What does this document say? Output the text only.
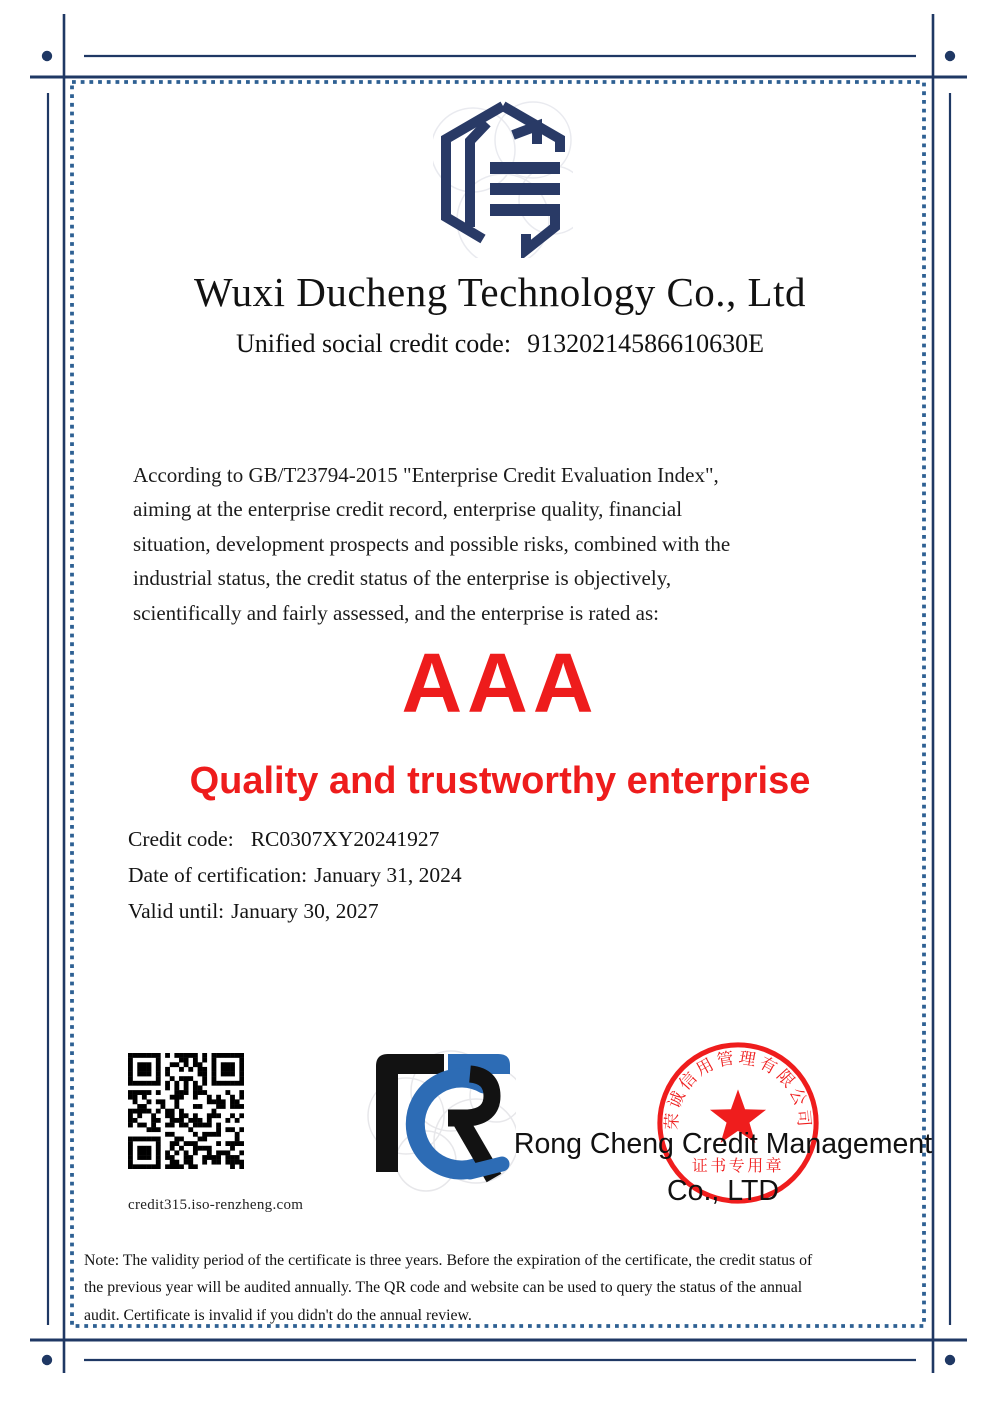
Wuxi Ducheng Technology Co., Ltd
Unified social credit code: 91320214586610630E
According to GB/T23794-2015 "Enterprise Credit Evaluation Index",
aiming at the enterprise credit record, enterprise quality, financial
situation, development prospects and possible risks, combined with the
industrial status, the credit status of the enterprise is objectively,
scientifically and fairly assessed, and the enterprise is rated as:
AAA
Quality and trustworthy enterprise
Credit code: RC0307XY20241927
Date of certification: January 31, 2024
Valid until: January 30, 2027
credit315.iso-renzheng.com
荣诚信用管理有限公司
证书专用章
Rong Cheng Credit Management
Co., LTD
Note: The validity period of the certificate is three years. Before the expiration of the certificate, the credit status of
the previous year will be audited annually. The QR code and website can be used to query the status of the annual
audit. Certificate is invalid if you didn't do the annual review.
